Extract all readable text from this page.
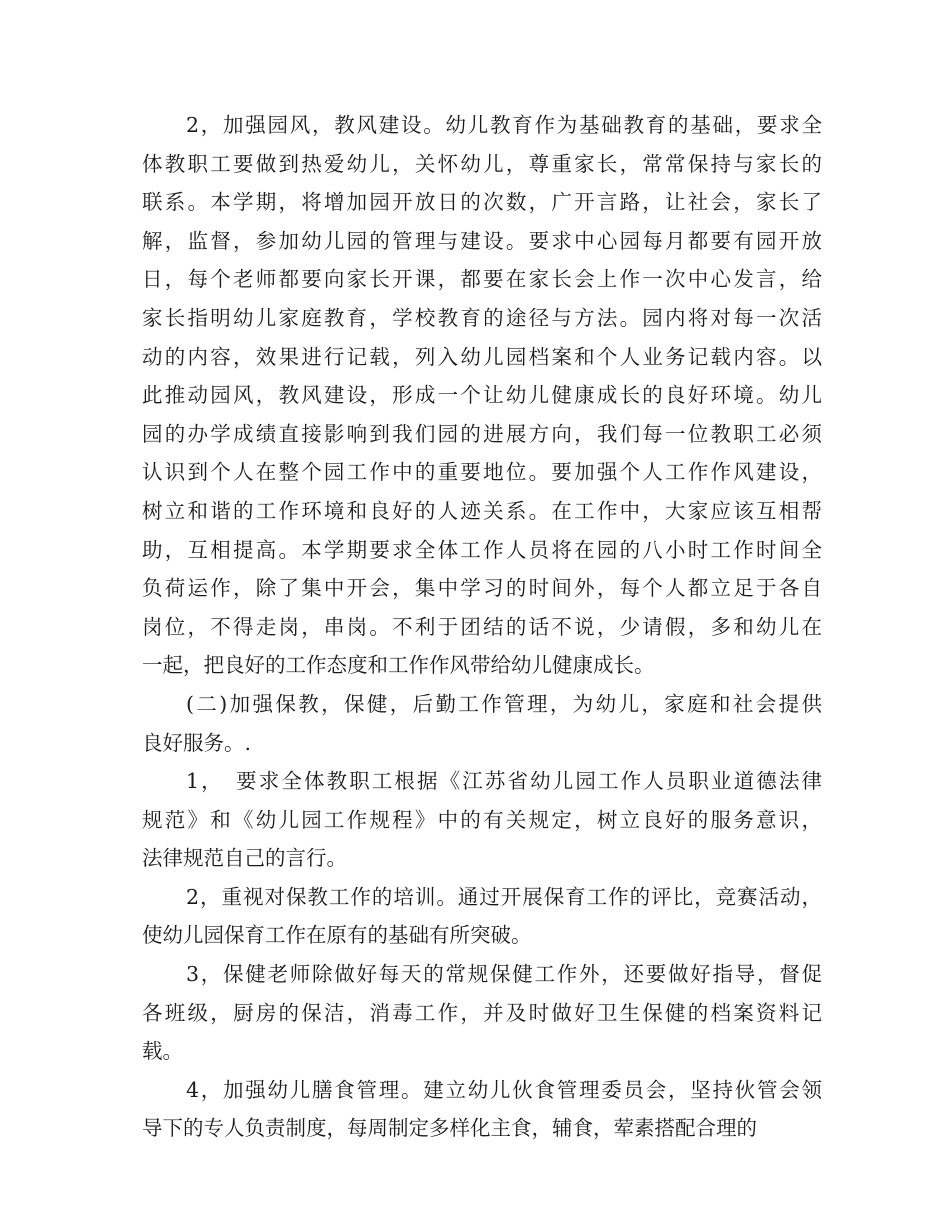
2，加强园风，教风建设。幼儿教育作为基础教育的基础，要求全
体教职工要做到热爱幼儿，关怀幼儿，尊重家长，常常保持与家长的
联系。本学期，将增加园开放日的次数，广开言路，让社会，家长了
解，监督，参加幼儿园的管理与建设。要求中心园每月都要有园开放
日，每个老师都要向家长开课，都要在家长会上作一次中心发言，给
家长指明幼儿家庭教育，学校教育的途径与方法。园内将对每一次活
动的内容，效果进行记载，列入幼儿园档案和个人业务记载内容。以
此推动园风，教风建设，形成一个让幼儿健康成长的良好环境。幼儿
园的办学成绩直接影响到我们园的进展方向，我们每一位教职工必须
认识到个人在整个园工作中的重要地位。要加强个人工作作风建设，
树立和谐的工作环境和良好的人迹关系。在工作中，大家应该互相帮
助，互相提高。本学期要求全体工作人员将在园的八小时工作时间全
负荷运作，除了集中开会，集中学习的时间外，每个人都立足于各自
岗位，不得走岗，串岗。不利于团结的话不说，少请假，多和幼儿在
一起，把良好的工作态度和工作作风带给幼儿健康成长。
(二)加强保教，保健，后勤工作管理，为幼儿，家庭和社会提供
良好服务。.
1，　要求全体教职工根据《江苏省幼儿园工作人员职业道德法律
规范》和《幼儿园工作规程》中的有关规定，树立良好的服务意识，
法律规范自己的言行。
2，重视对保教工作的培训。通过开展保育工作的评比，竞赛活动，
使幼儿园保育工作在原有的基础有所突破。
3，保健老师除做好每天的常规保健工作外，还要做好指导，督促
各班级，厨房的保洁，消毒工作，并及时做好卫生保健的档案资料记
载。
4，加强幼儿膳食管理。建立幼儿伙食管理委员会，坚持伙管会领
导下的专人负责制度，每周制定多样化主食，辅食，荤素搭配合理的
